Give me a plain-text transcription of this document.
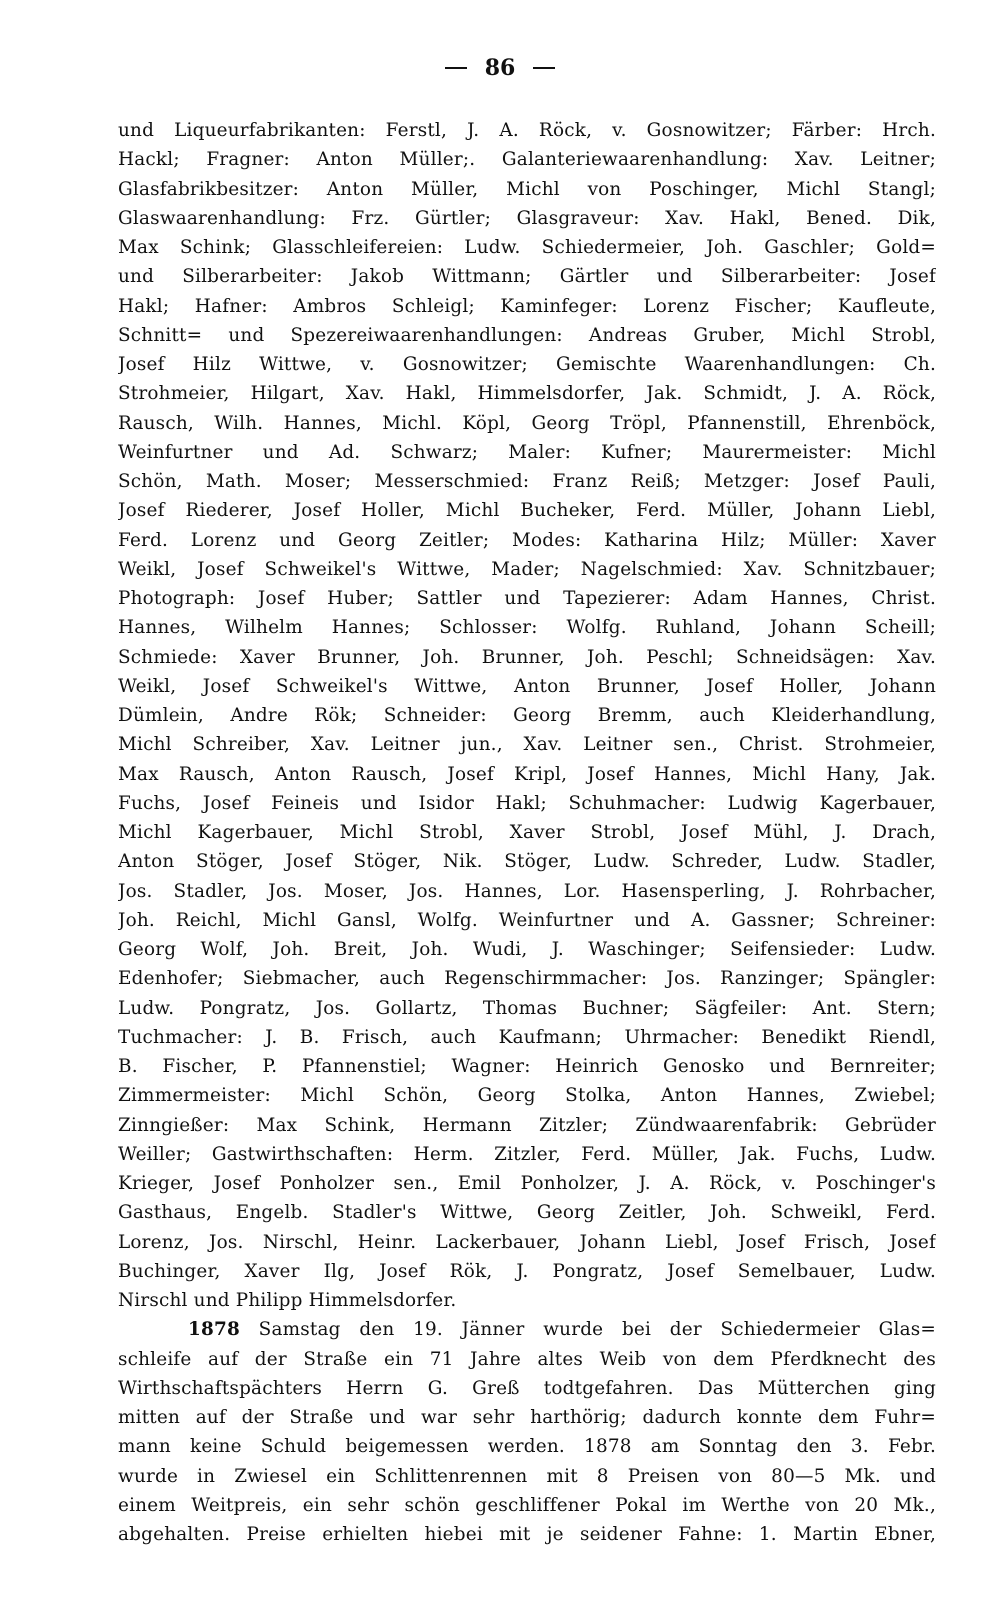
86
und Liqueurfabrikanten: Ferstl, J. A. Röck, v. Gosnowitzer; Färber: Hrch.
Hackl; Fragner: Anton Müller;. Galanteriewaarenhandlung: Xav. Leitner;
Glasfabrikbesitzer: Anton Müller, Michl von Poschinger, Michl Stangl;
Glaswaarenhandlung: Frz. Gürtler; Glasgraveur: Xav. Hakl, Bened. Dik,
Max Schink; Glasschleifereien: Ludw. Schiedermeier, Joh. Gaschler; Gold=
und Silberarbeiter: Jakob Wittmann; Gärtler und Silberarbeiter: Josef
Hakl; Hafner: Ambros Schleigl; Kaminfeger: Lorenz Fischer; Kaufleute,
Schnitt= und Spezereiwaarenhandlungen: Andreas Gruber, Michl Strobl,
Josef Hilz Wittwe, v. Gosnowitzer; Gemischte Waarenhandlungen: Ch.
Strohmeier, Hilgart, Xav. Hakl, Himmelsdorfer, Jak. Schmidt, J. A. Röck,
Rausch, Wilh. Hannes, Michl. Köpl, Georg Tröpl, Pfannenstill, Ehrenböck,
Weinfurtner und Ad. Schwarz; Maler: Kufner; Maurermeister: Michl
Schön, Math. Moser; Messerschmied: Franz Reiß; Metzger: Josef Pauli,
Josef Riederer, Josef Holler, Michl Bucheker, Ferd. Müller, Johann Liebl,
Ferd. Lorenz und Georg Zeitler; Modes: Katharina Hilz; Müller: Xaver
Weikl, Josef Schweikel's Wittwe, Mader; Nagelschmied: Xav. Schnitzbauer;
Photograph: Josef Huber; Sattler und Tapezierer: Adam Hannes, Christ.
Hannes, Wilhelm Hannes; Schlosser: Wolfg. Ruhland, Johann Scheill;
Schmiede: Xaver Brunner, Joh. Brunner, Joh. Peschl; Schneidsägen: Xav.
Weikl, Josef Schweikel's Wittwe, Anton Brunner, Josef Holler, Johann
Dümlein, Andre Rök; Schneider: Georg Bremm, auch Kleiderhandlung,
Michl Schreiber, Xav. Leitner jun., Xav. Leitner sen., Christ. Strohmeier,
Max Rausch, Anton Rausch, Josef Kripl, Josef Hannes, Michl Hany, Jak.
Fuchs, Josef Feineis und Isidor Hakl; Schuhmacher: Ludwig Kagerbauer,
Michl Kagerbauer, Michl Strobl, Xaver Strobl, Josef Mühl, J. Drach,
Anton Stöger, Josef Stöger, Nik. Stöger, Ludw. Schreder, Ludw. Stadler,
Jos. Stadler, Jos. Moser, Jos. Hannes, Lor. Hasensperling, J. Rohrbacher,
Joh. Reichl, Michl Gansl, Wolfg. Weinfurtner und A. Gassner; Schreiner:
Georg Wolf, Joh. Breit, Joh. Wudi, J. Waschinger; Seifensieder: Ludw.
Edenhofer; Siebmacher, auch Regenschirmmacher: Jos. Ranzinger; Spängler:
Ludw. Pongratz, Jos. Gollartz, Thomas Buchner; Sägfeiler: Ant. Stern;
Tuchmacher: J. B. Frisch, auch Kaufmann; Uhrmacher: Benedikt Riendl,
B. Fischer, P. Pfannenstiel; Wagner: Heinrich Genosko und Bernreiter;
Zimmermeister: Michl Schön, Georg Stolka, Anton Hannes, Zwiebel;
Zinngießer: Max Schink, Hermann Zitzler; Zündwaarenfabrik: Gebrüder
Weiller; Gastwirthschaften: Herm. Zitzler, Ferd. Müller, Jak. Fuchs, Ludw.
Krieger, Josef Ponholzer sen., Emil Ponholzer, J. A. Röck, v. Poschinger's
Gasthaus, Engelb. Stadler's Wittwe, Georg Zeitler, Joh. Schweikl, Ferd.
Lorenz, Jos. Nirschl, Heinr. Lackerbauer, Johann Liebl, Josef Frisch, Josef
Buchinger, Xaver Ilg, Josef Rök, J. Pongratz, Josef Semelbauer, Ludw.
Nirschl und Philipp Himmelsdorfer.
1878 Samstag den 19. Jänner wurde bei der Schiedermeier Glas=
schleife auf der Straße ein 71 Jahre altes Weib von dem Pferdknecht des
Wirthschaftspächters Herrn G. Greß todtgefahren. Das Mütterchen ging
mitten auf der Straße und war sehr harthörig; dadurch konnte dem Fuhr=
mann keine Schuld beigemessen werden. 1878 am Sonntag den 3. Febr.
wurde in Zwiesel ein Schlittenrennen mit 8 Preisen von 80—5 Mk. und
einem Weitpreis, ein sehr schön geschliffener Pokal im Werthe von 20 Mk.,
abgehalten. Preise erhielten hiebei mit je seidener Fahne: 1. Martin Ebner,
